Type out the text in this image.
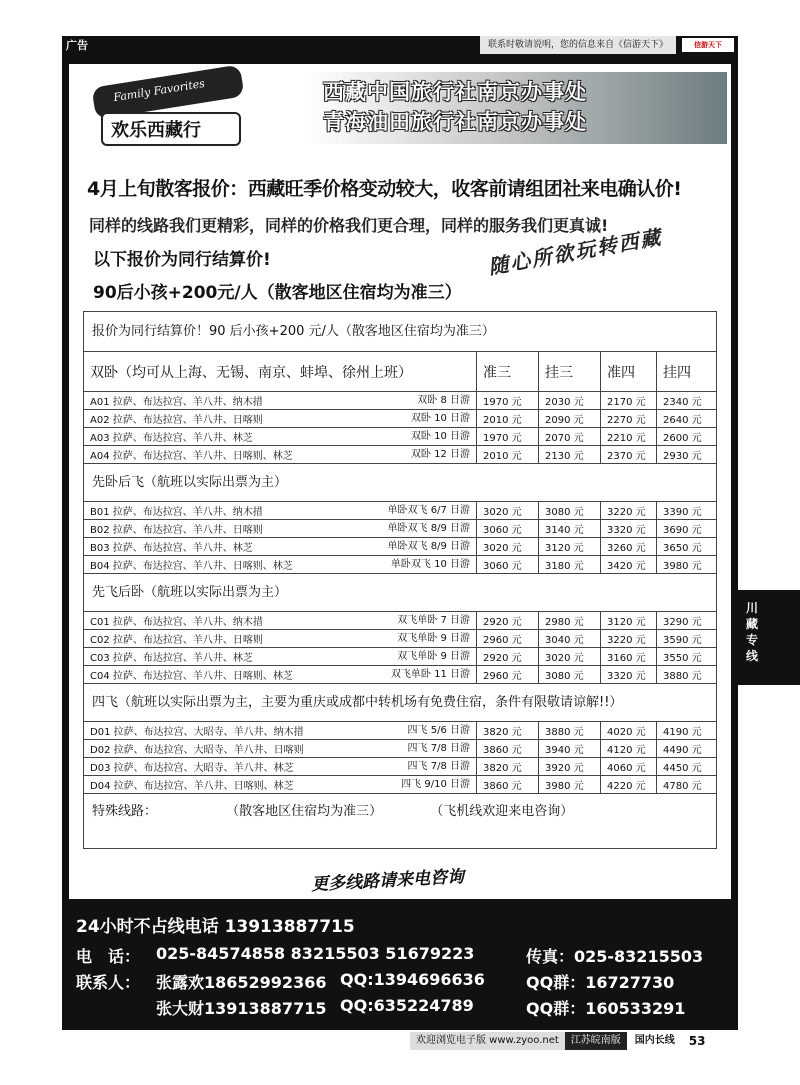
广告	联系时敬请说明，您的信息来自《信游天下》	信游天下
川藏专线
Family Favorites
欢乐西藏行
西藏中国旅行社南京办事处
青海油田旅行社南京办事处
4月上旬散客报价：西藏旺季价格变动较大，收客前请组团社来电确认价!
同样的线路我们更精彩，同样的价格我们更合理，同样的服务我们更真诚!
以下报价为同行结算价!
90后小孩+200元/人（散客地区住宿均为准三）
随心所欲玩转西藏
报价为同行结算价！90 后小孩+200 元/人（散客地区住宿均为准三）
双卧（均可从上海、无锡、南京、蚌埠、徐州上班）	准三	挂三	准四	挂四
A01 拉萨、布达拉宫、羊八井、纳木措	双卧 8 日游	1970 元	2030 元	2170 元	2340 元
A02 拉萨、布达拉宫、羊八井、日喀则	双卧 10 日游	2010 元	2090 元	2270 元	2640 元
A03 拉萨、布达拉宫、羊八井、林芝	双卧 10 日游	1970 元	2070 元	2210 元	2600 元
A04 拉萨、布达拉宫、羊八井、日喀则、林芝	双卧 12 日游	2010 元	2130 元	2370 元	2930 元
先卧后飞（航班以实际出票为主）
B01 拉萨、布达拉宫、羊八井、纳木措	单卧双飞 6/7 日游	3020 元	3080 元	3220 元	3390 元
B02 拉萨、布达拉宫、羊八井、日喀则	单卧双飞 8/9 日游	3060 元	3140 元	3320 元	3690 元
B03 拉萨、布达拉宫、羊八井、林芝	单卧双飞 8/9 日游	3020 元	3120 元	3260 元	3650 元
B04 拉萨、布达拉宫、羊八井、日喀则、林芝	单卧双飞 10 日游	3060 元	3180 元	3420 元	3980 元
先飞后卧（航班以实际出票为主）
C01 拉萨、布达拉宫、羊八井、纳木措	双飞单卧 7 日游	2920 元	2980 元	3120 元	3290 元
C02 拉萨、布达拉宫、羊八井、日喀则	双飞单卧 9 日游	2960 元	3040 元	3220 元	3590 元
C03 拉萨、布达拉宫、羊八井、林芝	双飞单卧 9 日游	2920 元	3020 元	3160 元	3550 元
C04 拉萨、布达拉宫、羊八井、日喀则、林芝	双飞单卧 11 日游	2960 元	3080 元	3320 元	3880 元
四飞（航班以实际出票为主，主要为重庆或成都中转机场有免费住宿，条件有限敬请谅解!!）
D01 拉萨、布达拉宫、大昭寺、羊八井、纳木措	四飞 5/6 日游	3820 元	3880 元	4020 元	4190 元
D02 拉萨、布达拉宫、大昭寺、羊八井、日喀则	四飞 7/8 日游	3860 元	3940 元	4120 元	4490 元
D03 拉萨、布达拉宫、大昭寺、羊八井、林芝	四飞 7/8 日游	3820 元	3920 元	4060 元	4450 元
D04 拉萨、布达拉宫、羊八井、日喀则、林芝	四飞 9/10 日游	3860 元	3980 元	4220 元	4780 元
特殊线路：	（散客地区住宿均为准三）	（飞机线欢迎来电咨询）
更多线路请来电咨询
24小时不占线电话 13913887715
电　话： 025-84574858 83215503 51679223	传真：025-83215503
联系人： 张露欢18652992366 QQ:1394696636	QQ群：16727730
张大财13913887715 QQ:635224789	QQ群：160533291
欢迎浏览电子版 www.zyoo.net	江苏皖南版	国内长线	53
